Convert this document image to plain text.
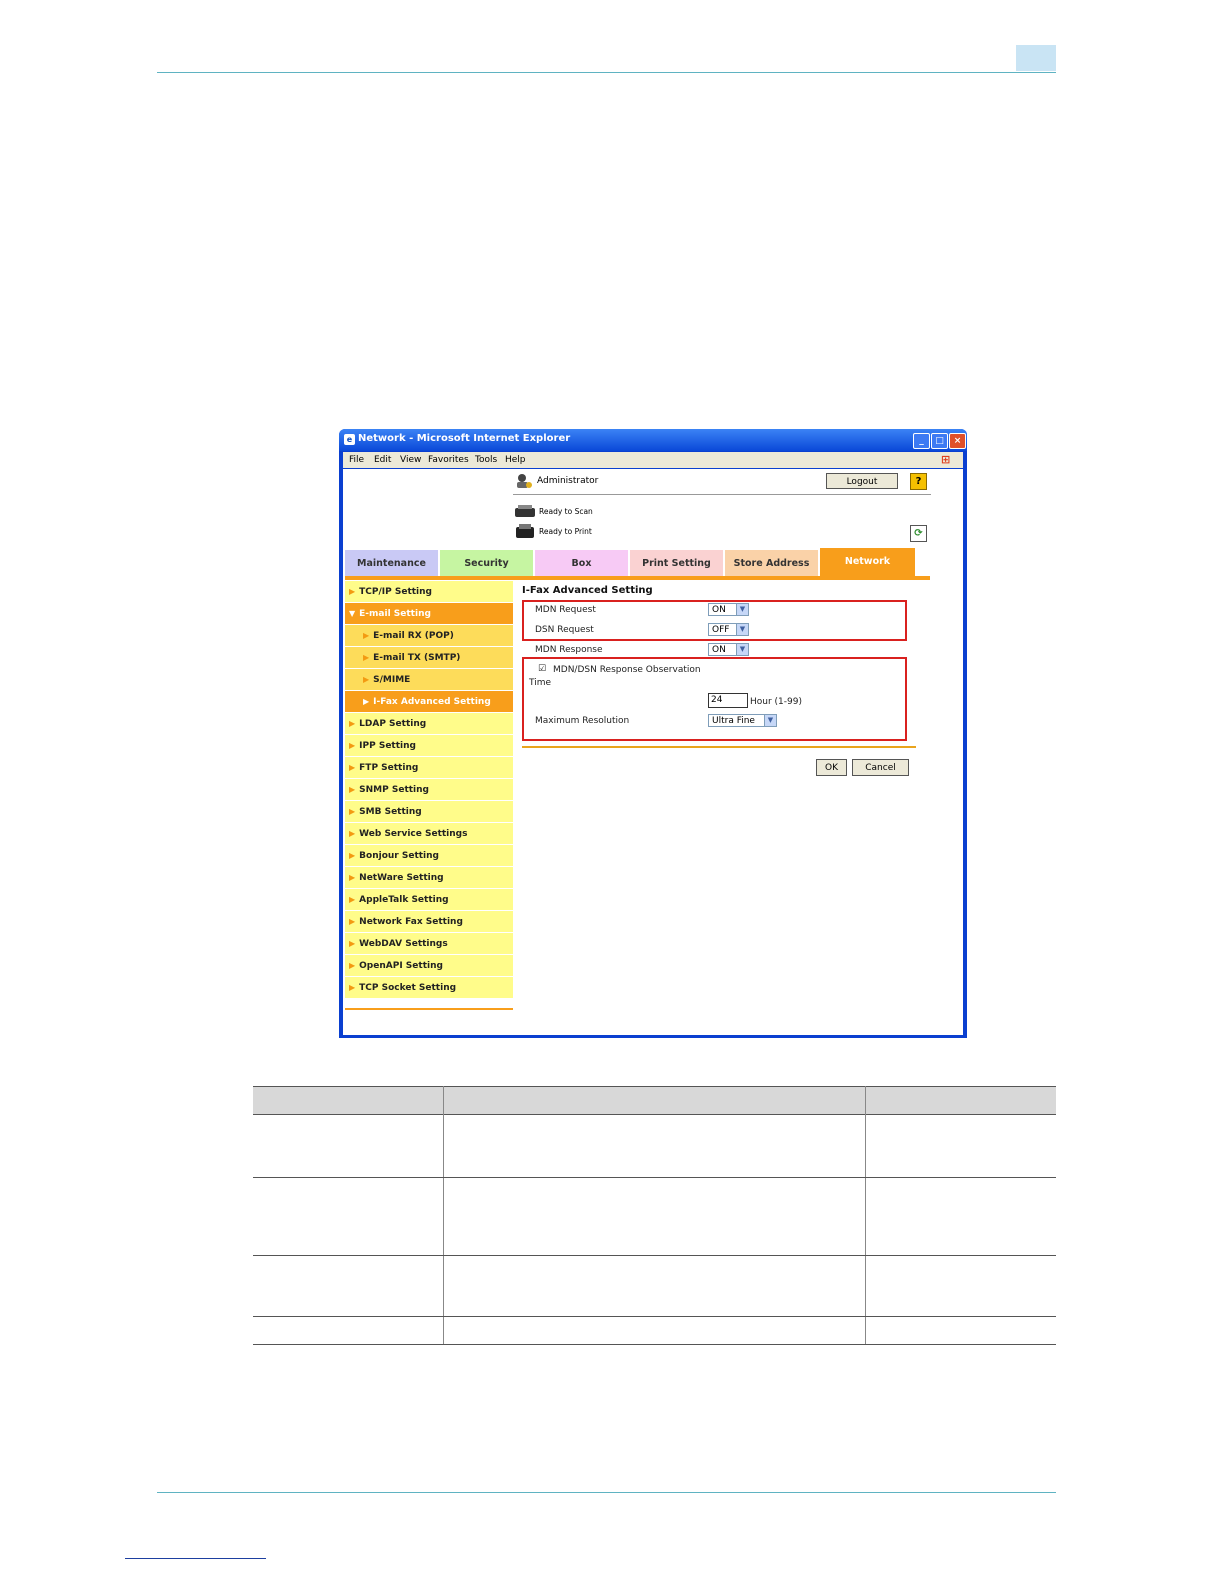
e Network - Microsoft Internet Explorer	_	□	×
File Edit View Favorites Tools Help	⊞
Administrator	Logout	?
Ready to Scan
Ready to Print	⟳
Maintenance	Security	Box	Print Setting	Store Address	Network
▶ TCP/IP Setting
▼ E-mail Setting
▶ E-mail RX (POP)
▶ E-mail TX (SMTP)
▶ S/MIME
▶ I-Fax Advanced Setting
▶ LDAP Setting
▶ IPP Setting
▶ FTP Setting
▶ SNMP Setting
▶ SMB Setting
▶ Web Service Settings
▶ Bonjour Setting
▶ NetWare Setting
▶ AppleTalk Setting
▶ Network Fax Setting
▶ WebDAV Settings
▶ OpenAPI Setting
▶ TCP Socket Setting
I-Fax Advanced Setting
MDN Request	ON	▼
DSN Request	OFF	▼
MDN Response	ON	▼
☑ MDN/DSN Response Observation
Time
24	Hour (1-99)
Maximum Resolution	Ultra Fine	▼
OK	Cancel
